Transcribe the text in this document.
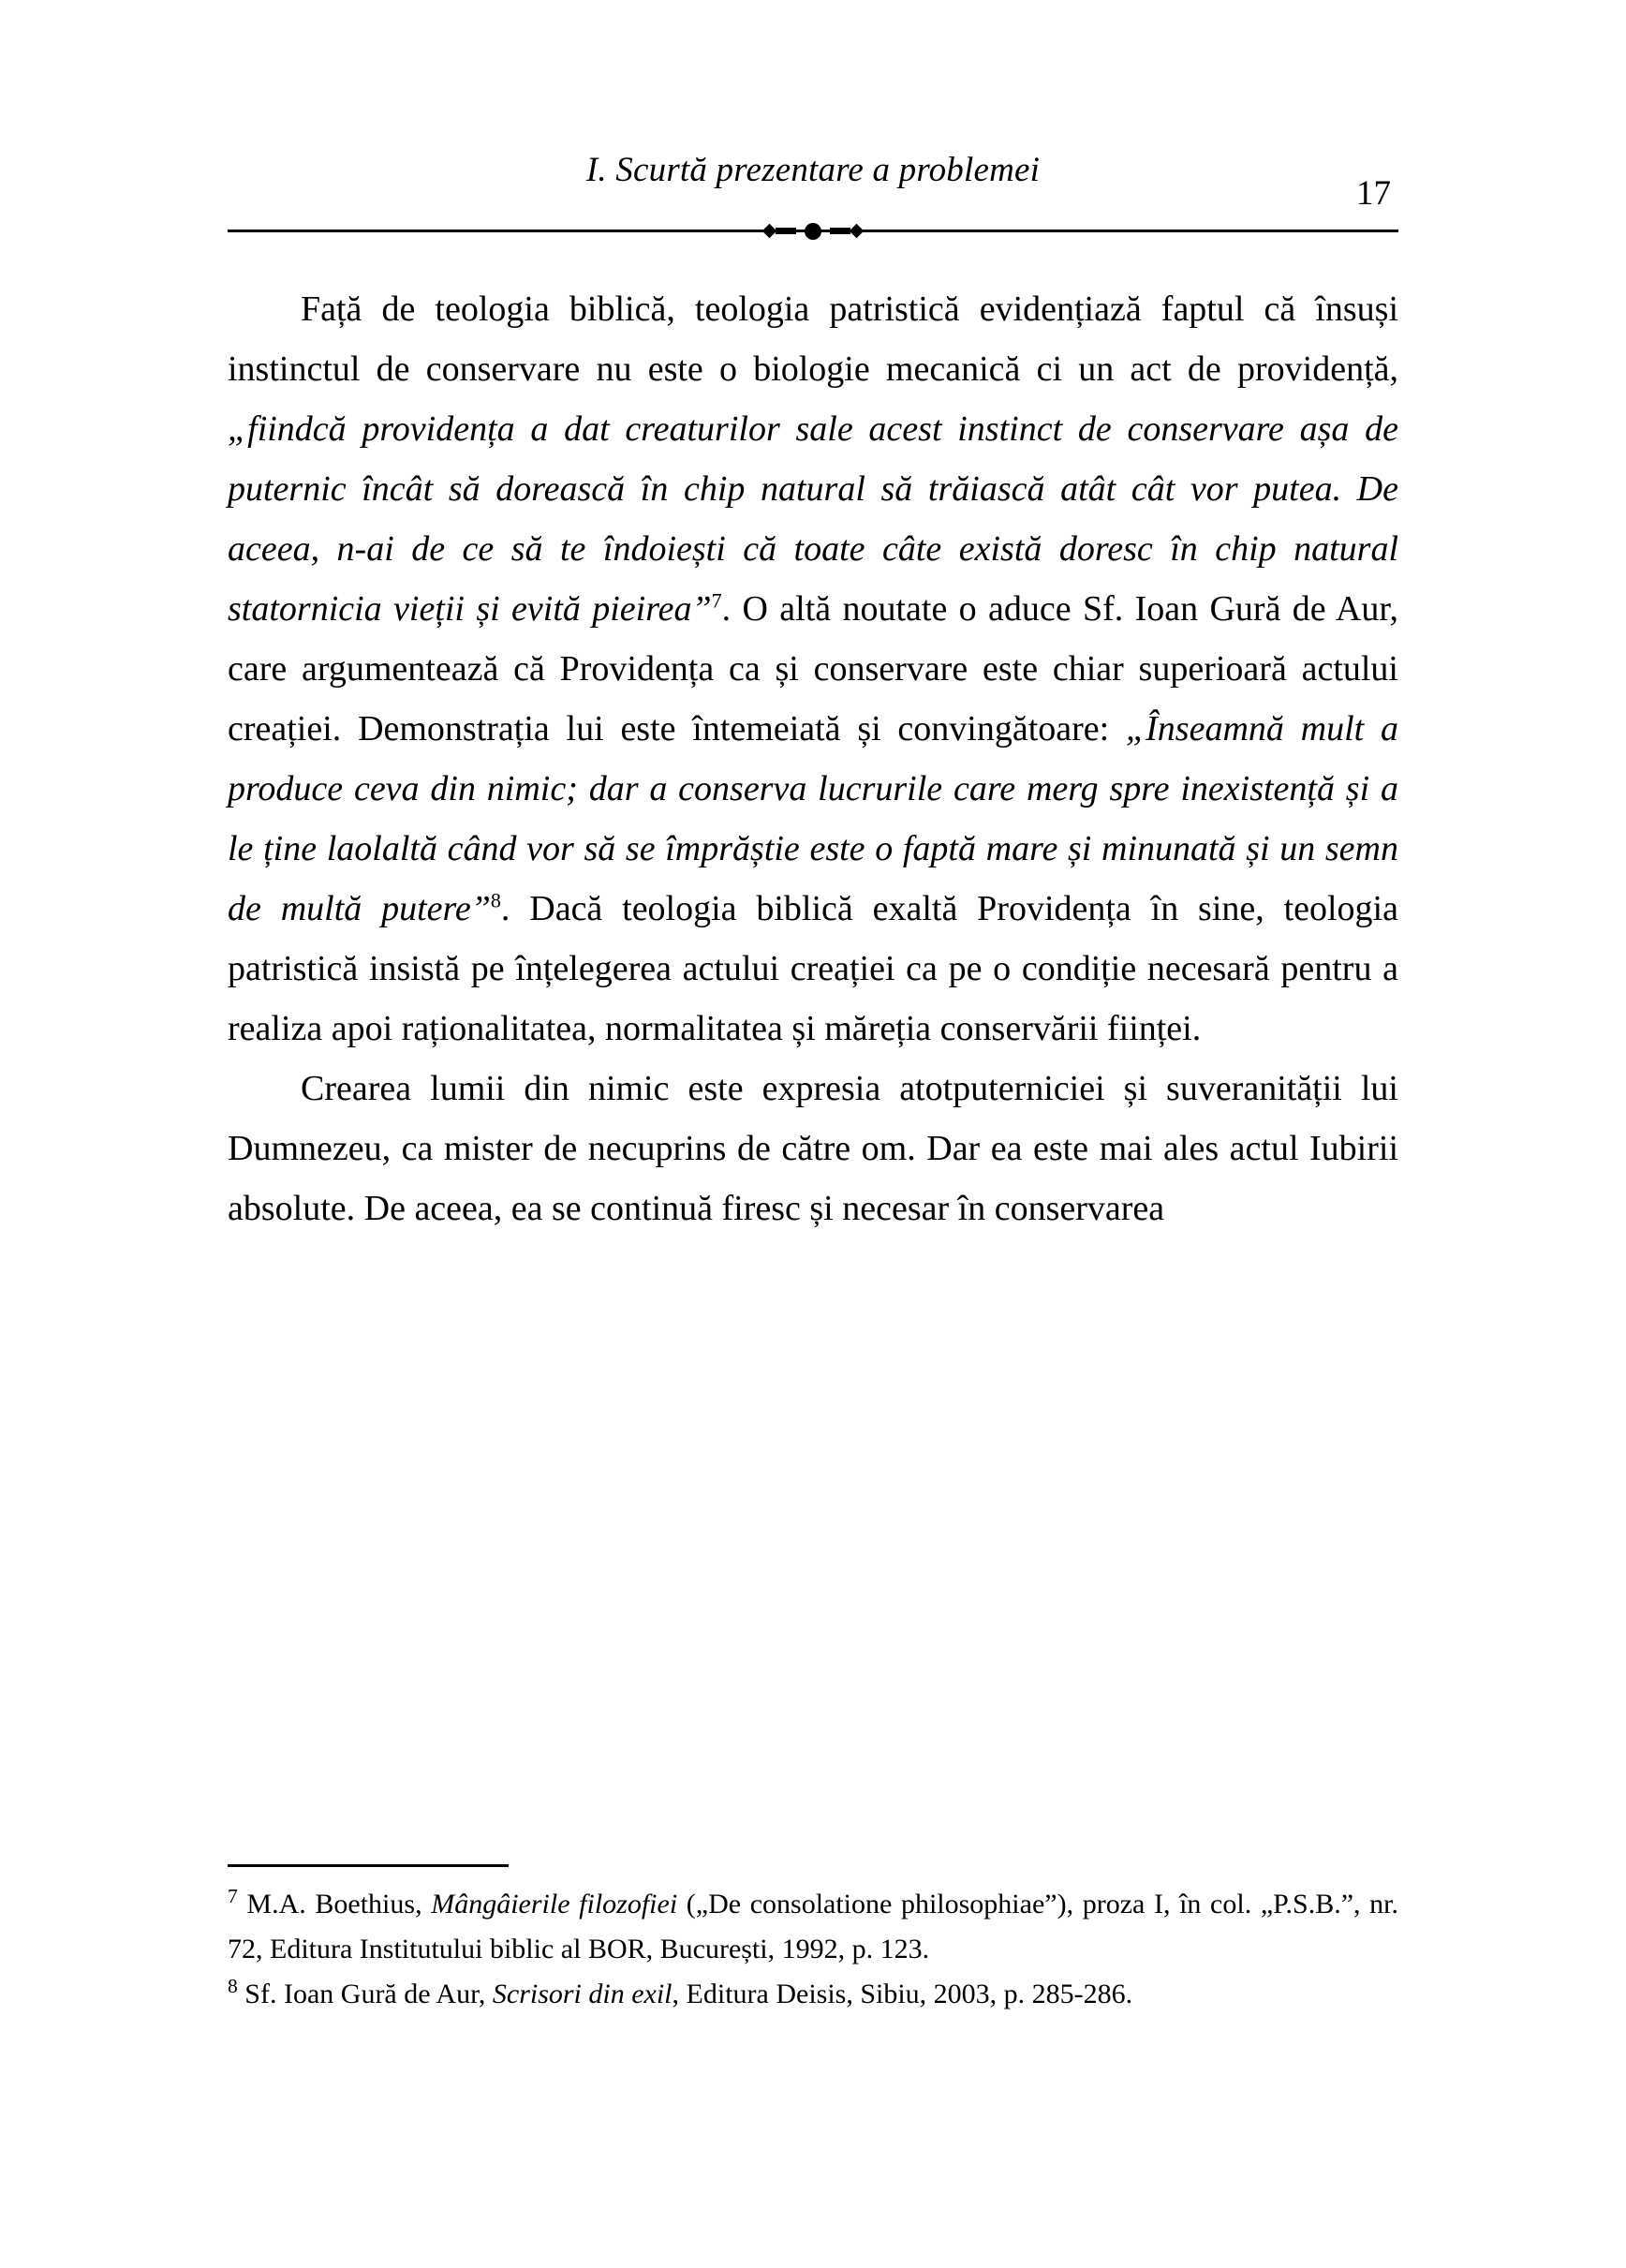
I. Scurtă prezentare a problemei
17

Față de teologia biblică, teologia patristică evidențiază faptul că însuși instinctul de conservare nu este o biologie mecanică ci un act de providență, „fiindcă providența a dat creaturilor sale acest instinct de conservare așa de puternic încât să dorească în chip natural să trăiască atât cât vor putea. De aceea, n-ai de ce să te îndoiești că toate câte există doresc în chip natural statornicia vieții și evită pieirea”$^7$. O altă noutate o aduce Sf. Ioan Gură de Aur, care argumentează că Providența ca și conservare este chiar superioară actului creației. Demonstrația lui este întemeiată și convingătoare: „Înseamnă mult a produce ceva din nimic; dar a conserva lucrurile care merg spre inexistență și a le ține laolaltă când vor să se împrăștie este o faptă mare și minunată și un semn de multă putere”$^8$. Dacă teologia biblică exaltă Providența în sine, teologia patristică insistă pe înțelegerea actului creației ca pe o condiție necesară pentru a realiza apoi raționalitatea, normalitatea și măreția conservării ființei.

Crearea lumii din nimic este expresia atotputerniciei și suveranității lui Dumnezeu, ca mister de necuprins de către om. Dar ea este mai ales actul Iubirii absolute. De aceea, ea se continuă firesc și necesar în conservarea

$^7$ M.A. Boethius, Mângâierile filozofiei („De consolatione philosophiae”), proza I, în col. „P.S.B.”, nr. 72, Editura Institutului biblic al BOR, București, 1992, p. 123.

$^8$ Sf. Ioan Gură de Aur, Scrisori din exil, Editura Deisis, Sibiu, 2003, p. 285-286.
